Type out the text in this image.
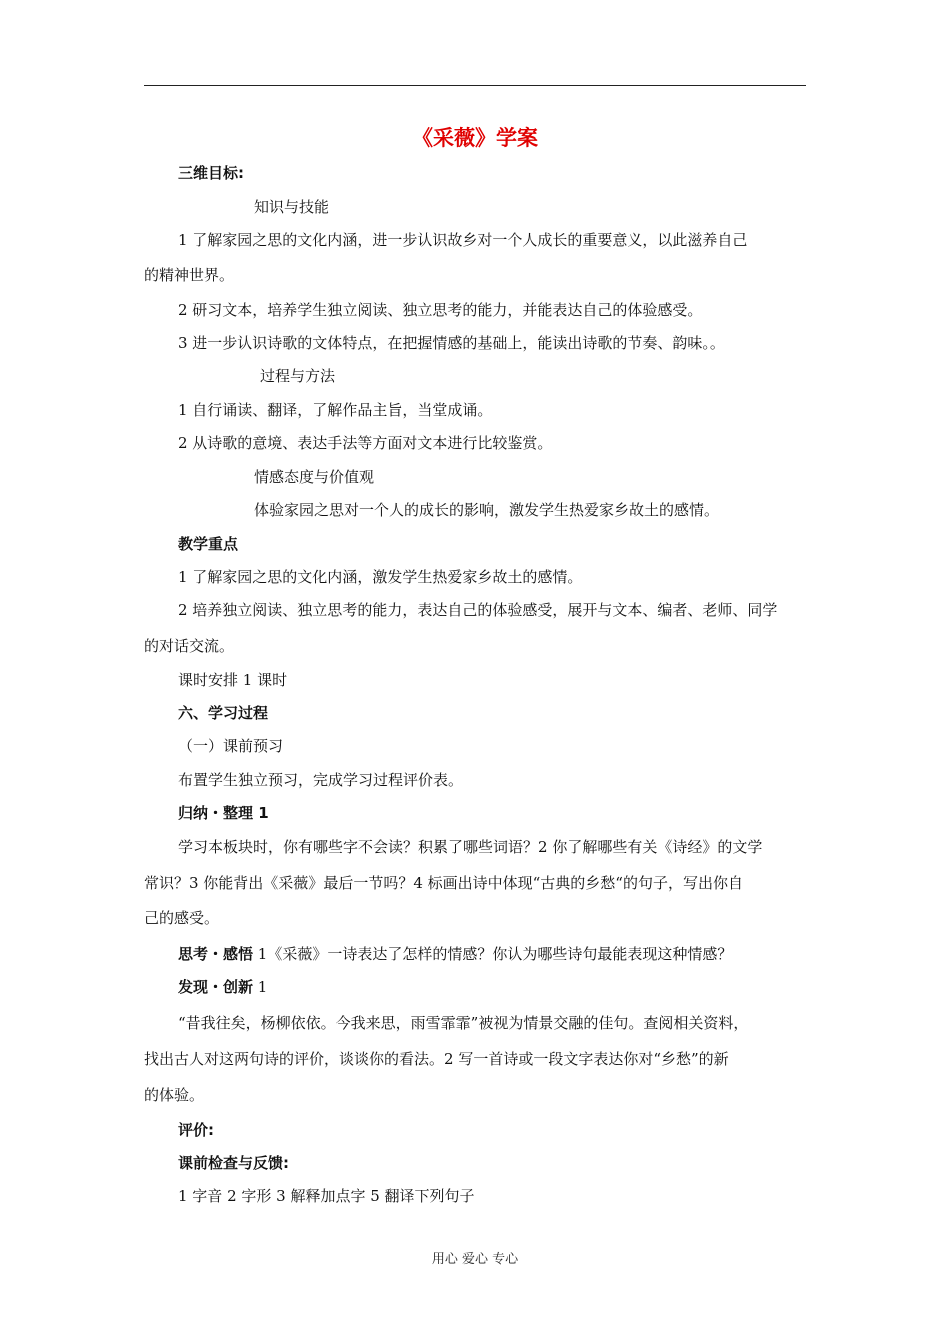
《采薇》学案
三维目标:
知识与技能
1 了解家园之思的文化内涵，进一步认识故乡对一个人成长的重要意义，以此滋养自己
的精神世界。
2 研习文本，培养学生独立阅读、独立思考的能力，并能表达自己的体验感受。
3 进一步认识诗歌的文体特点，在把握情感的基础上，能读出诗歌的节奏、韵味。。
过程与方法
1 自行诵读、翻译，了解作品主旨，当堂成诵。
2 从诗歌的意境、表达手法等方面对文本进行比较鉴赏。
情感态度与价值观
体验家园之思对一个人的成长的影响，激发学生热爱家乡故土的感情。
教学重点
1 了解家园之思的文化内涵，激发学生热爱家乡故土的感情。
2 培养独立阅读、独立思考的能力，表达自己的体验感受，展开与文本、编者、老师、同学
的对话交流。
课时安排 1 课时
六、学习过程
（一）课前预习
布置学生独立预习，完成学习过程评价表。
归纳・整理 1
学习本板块时，你有哪些字不会读？积累了哪些词语？2 你了解哪些有关《诗经》的文学
常识？3 你能背出《采薇》最后一节吗？4 标画出诗中体现“古典的乡愁“的句子，写出你自
己的感受。
思考・感悟 1《采薇》一诗表达了怎样的情感？你认为哪些诗句最能表现这种情感？
发现・创新 1
“昔我往矣，杨柳依依。今我来思，雨雪霏霏”被视为情景交融的佳句。查阅相关资料，
找出古人对这两句诗的评价，谈谈你的看法。2 写一首诗或一段文字表达你对“乡愁”的新
的体验。
评价:
课前检查与反馈:
1 字音 2 字形 3 解释加点字 5 翻译下列句子
用心 爱心 专心
